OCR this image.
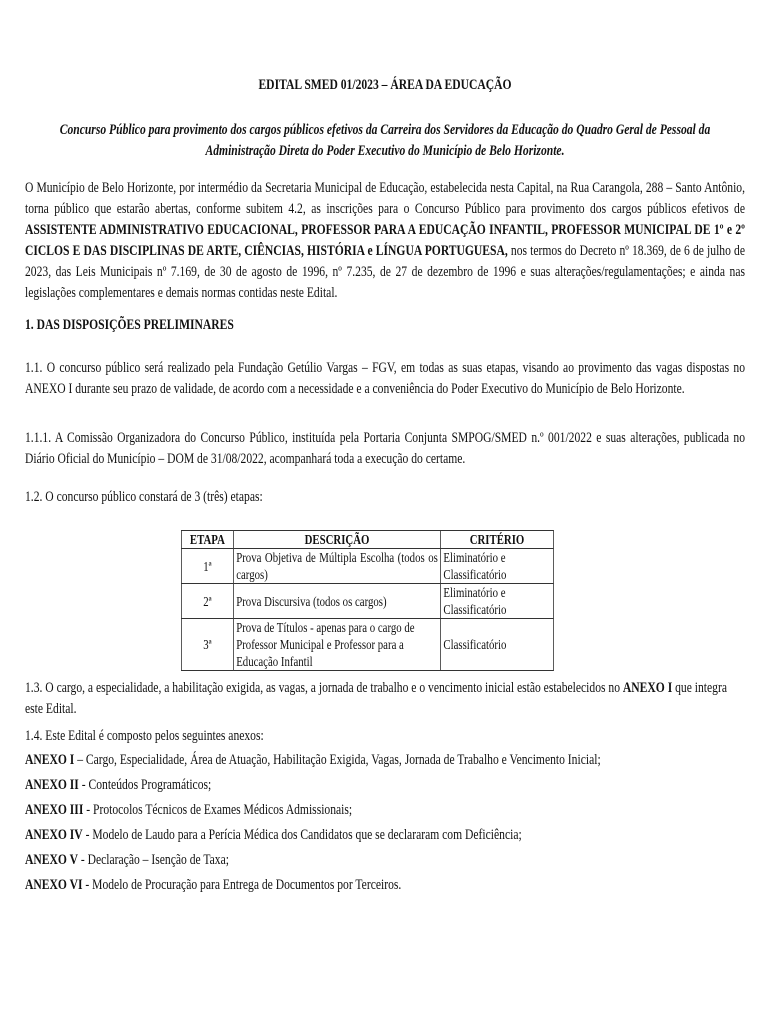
EDITAL SMED 01/2023 – ÁREA DA EDUCAÇÃO
Concurso Público para provimento dos cargos públicos efetivos da Carreira dos Servidores da Educação do Quadro Geral de Pessoal da Administração Direta do Poder Executivo do Município de Belo Horizonte.
O Município de Belo Horizonte, por intermédio da Secretaria Municipal de Educação, estabelecida nesta Capital, na Rua Carangola, 288 – Santo Antônio, torna público que estarão abertas, conforme subitem 4.2, as inscrições para o Concurso Público para provimento dos cargos públicos efetivos de ASSISTENTE ADMINISTRATIVO EDUCACIONAL, PROFESSOR PARA A EDUCAÇÃO INFANTIL, PROFESSOR MUNICIPAL DE 1º e 2º CICLOS E DAS DISCIPLINAS DE ARTE, CIÊNCIAS, HISTÓRIA e LÍNGUA PORTUGUESA, nos termos do Decreto nº 18.369, de 6 de julho de 2023, das Leis Municipais nº 7.169, de 30 de agosto de 1996, nº 7.235, de 27 de dezembro de 1996 e suas alterações/regulamentações; e ainda nas legislações complementares e demais normas contidas neste Edital.
1. DAS DISPOSIÇÕES PRELIMINARES
1.1. O concurso público será realizado pela Fundação Getúlio Vargas – FGV, em todas as suas etapas, visando ao provimento das vagas dispostas no ANEXO I durante seu prazo de validade, de acordo com a necessidade e a conveniência do Poder Executivo do Município de Belo Horizonte.
1.1.1. A Comissão Organizadora do Concurso Público, instituída pela Portaria Conjunta SMPOG/SMED n.º 001/2022 e suas alterações, publicada no Diário Oficial do Município – DOM de 31/08/2022, acompanhará toda a execução do certame.
1.2. O concurso público constará de 3 (três) etapas:
ETAPA	DESCRIÇÃO	CRITÉRIO
1ª	Prova Objetiva de Múltipla Escolha (todos os cargos)	Eliminatório e Classificatório
2ª	Prova Discursiva (todos os cargos)	Eliminatório e Classificatório
3ª	Prova de Títulos - apenas para o cargo de Professor Municipal e Professor para a Educação Infantil	Classificatório
1.3. O cargo, a especialidade, a habilitação exigida, as vagas, a jornada de trabalho e o vencimento inicial estão estabelecidos no ANEXO I que integra este Edital.
1.4. Este Edital é composto pelos seguintes anexos:
ANEXO I – Cargo, Especialidade, Área de Atuação, Habilitação Exigida, Vagas, Jornada de Trabalho e Vencimento Inicial;
ANEXO II - Conteúdos Programáticos;
ANEXO III - Protocolos Técnicos de Exames Médicos Admissionais;
ANEXO IV - Modelo de Laudo para a Perícia Médica dos Candidatos que se declararam com Deficiência;
ANEXO V - Declaração – Isenção de Taxa;
ANEXO VI - Modelo de Procuração para Entrega de Documentos por Terceiros.
